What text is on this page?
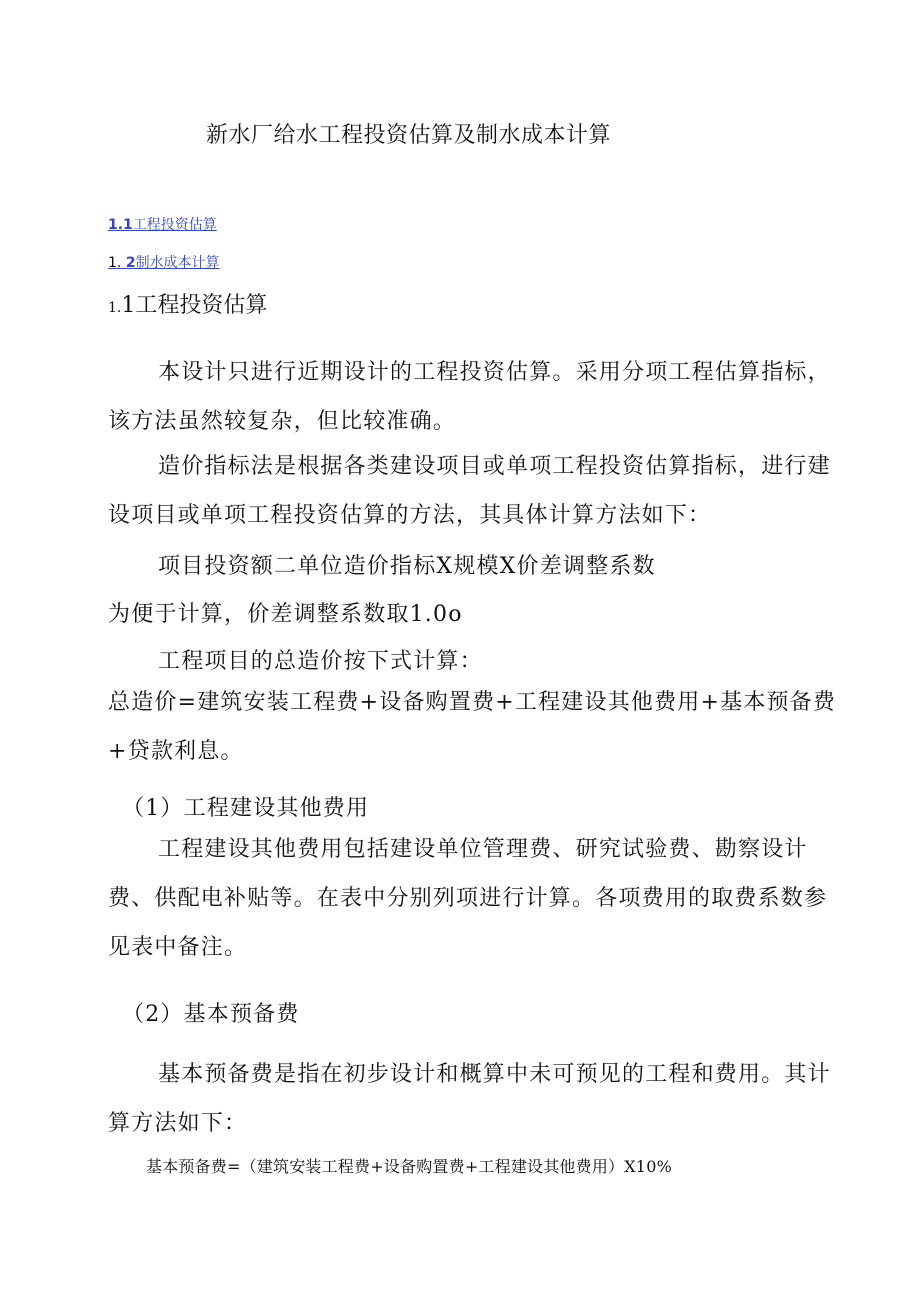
新水厂给水工程投资估算及制水成本计算
1.1工程投资估算
1. 2制水成本计算
1.1工程投资估算
本设计只进行近期设计的工程投资估算。采用分项工程估算指标，该方法虽然较复杂，但比较准确。
造价指标法是根据各类建设项目或单项工程投资估算指标，进行建设项目或单项工程投资估算的方法，其具体计算方法如下：
项目投资额二单位造价指标X规模X价差调整系数
为便于计算，价差调整系数取1.0o
工程项目的总造价按下式计算：
总造价=建筑安装工程费+设备购置费+工程建设其他费用+基本预备费+贷款利息。
（1）工程建设其他费用
工程建设其他费用包括建设单位管理费、研究试验费、勘察设计费、供配电补贴等。在表中分别列项进行计算。各项费用的取费系数参见表中备注。
（2）基本预备费
基本预备费是指在初步设计和概算中未可预见的工程和费用。其计算方法如下：
基本预备费=（建筑安装工程费+设备购置费+工程建设其他费用）X10%
